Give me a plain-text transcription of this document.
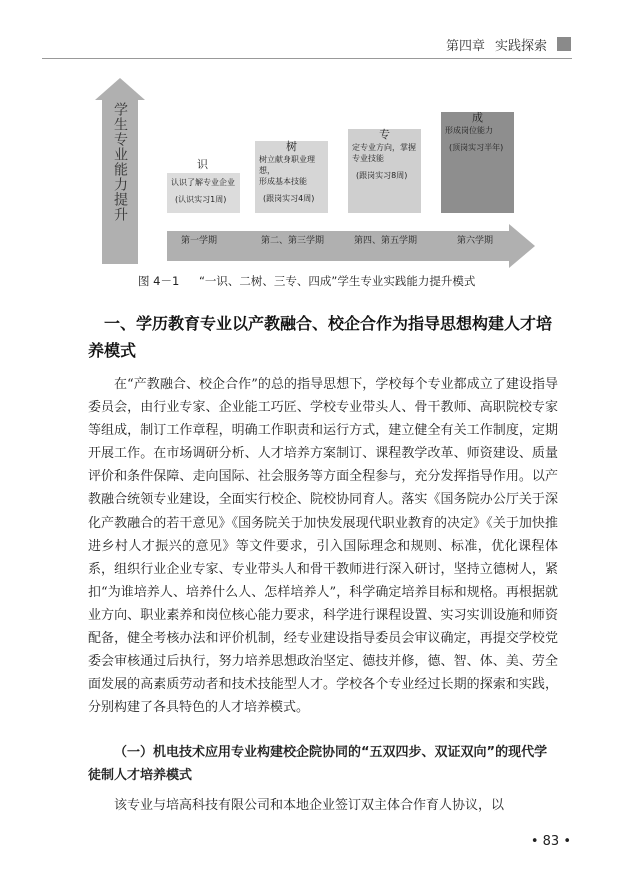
第四章 实践探索
学生专业能力提升
第一学期	第二、第三学期	第四、第五学期	第六学期
识
认识了解专业企业
(认识实习1周)
树
树立献身职业理想，
形成基本技能
(跟岗实习4周)
专
定专业方向，掌握
专业技能
(跟岗实习8周)
成
形成岗位能力
(顶岗实习半年)
图 4－1 “一识、二树、三专、四成”学生专业实践能力提升模式
一、学历教育专业以产教融合、校企合作为指导思想构建人才培养模式

在“产教融合、校企合作”的总的指导思想下，学校每个专业都成立了建设指导委员会，由行业专家、企业能工巧匠、学校专业带头人、骨干教师、高职院校专家等组成，制订工作章程，明确工作职责和运行方式，建立健全有关工作制度，定期开展工作。在市场调研分析、人才培养方案制订、课程教学改革、师资建设、质量评价和条件保障、走向国际、社会服务等方面全程参与，充分发挥指导作用。以产教融合统领专业建设，全面实行校企、院校协同育人。落实《国务院办公厅关于深化产教融合的若干意见》《国务院关于加快发展现代职业教育的决定》《关于加快推进乡村人才振兴的意见》等文件要求，引入国际理念和规则、标准，优化课程体系，组织行业企业专家、专业带头人和骨干教师进行深入研讨，坚持立德树人，紧扣“为谁培养人、培养什么人、怎样培养人”，科学确定培养目标和规格。再根据就业方向、职业素养和岗位核心能力要求，科学进行课程设置、实习实训设施和师资配备，健全考核办法和评价机制，经专业建设指导委员会审议确定，再提交学校党委会审核通过后执行，努力培养思想政治坚定、德技并修，德、智、体、美、劳全面发展的高素质劳动者和技术技能型人才。学校各个专业经过长期的探索和实践，分别构建了各具特色的人才培养模式。

（一）机电技术应用专业构建校企院协同的“五双四步、双证双向”的现代学徒制人才培养模式

该专业与培高科技有限公司和本地企业签订双主体合作育人协议，以

• 83 •
